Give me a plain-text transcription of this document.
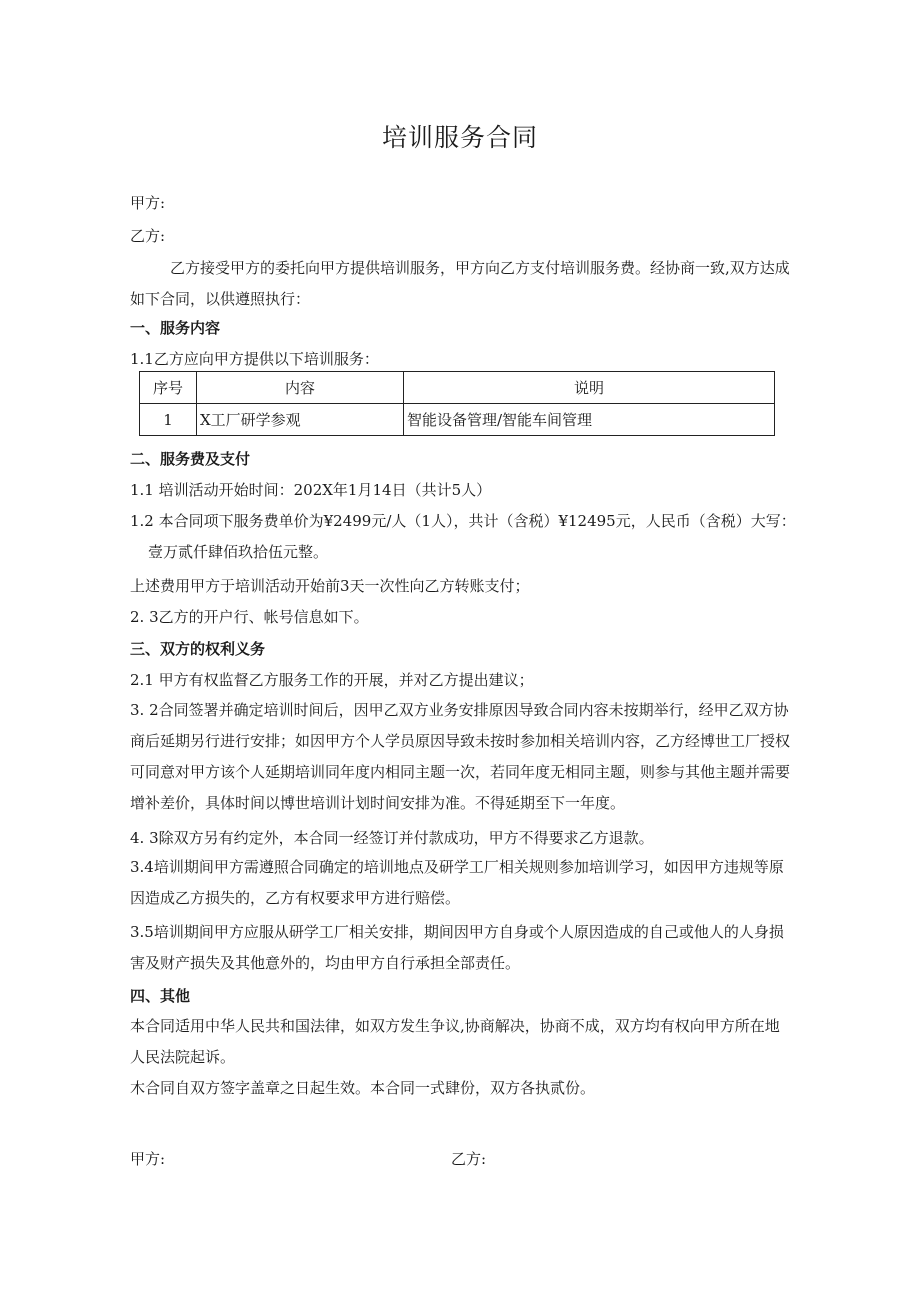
培训服务合同
甲方:
乙方:
乙方接受甲方的委托向甲方提供培训服务，甲方向乙方支付培训服务费。经协商一致,双方达成如下合同，以供遵照执行：
一、服务内容
1.1乙方应向甲方提供以下培训服务：
序号	内容	说明
1	X工厂研学参观	智能设备管理/智能车间管理
二、服务费及支付
1.1 培训活动开始时间：202X年1月14日（共计5人）
1.2 本合同项下服务费单价为¥2499元/人（1人），共计（含税）¥12495元，人民币（含税）大写：壹万贰仟肆佰玖拾伍元整。
上述费用甲方于培训活动开始前3天一次性向乙方转账支付；
2. 3乙方的开户行、帐号信息如下。
三、双方的权利义务
2.1 甲方有权监督乙方服务工作的开展，并对乙方提出建议；
3. 2合同签署并确定培训时间后，因甲乙双方业务安排原因导致合同内容未按期举行，经甲乙双方协商后延期另行进行安排；如因甲方个人学员原因导致未按时参加相关培训内容，乙方经博世工厂授权可同意对甲方该个人延期培训同年度内相同主题一次，若同年度无相同主题，则参与其他主题并需要增补差价，具体时间以博世培训计划时间安排为准。不得延期至下一年度。
4. 3除双方另有约定外，本合同一经签订并付款成功，甲方不得要求乙方退款。
3.4培训期间甲方需遵照合同确定的培训地点及研学工厂相关规则参加培训学习，如因甲方违规等原因造成乙方损失的，乙方有权要求甲方进行赔偿。
3.5培训期间甲方应服从研学工厂相关安排，期间因甲方自身或个人原因造成的自己或他人的人身损害及财产损失及其他意外的，均由甲方自行承担全部责任。
四、其他
本合同适用中华人民共和国法律，如双方发生争议,协商解决，协商不成，双方均有权向甲方所在地人民法院起诉。
木合同自双方签字盖章之日起生效。本合同一式肆份，双方各执贰份。
甲方:	乙方:
